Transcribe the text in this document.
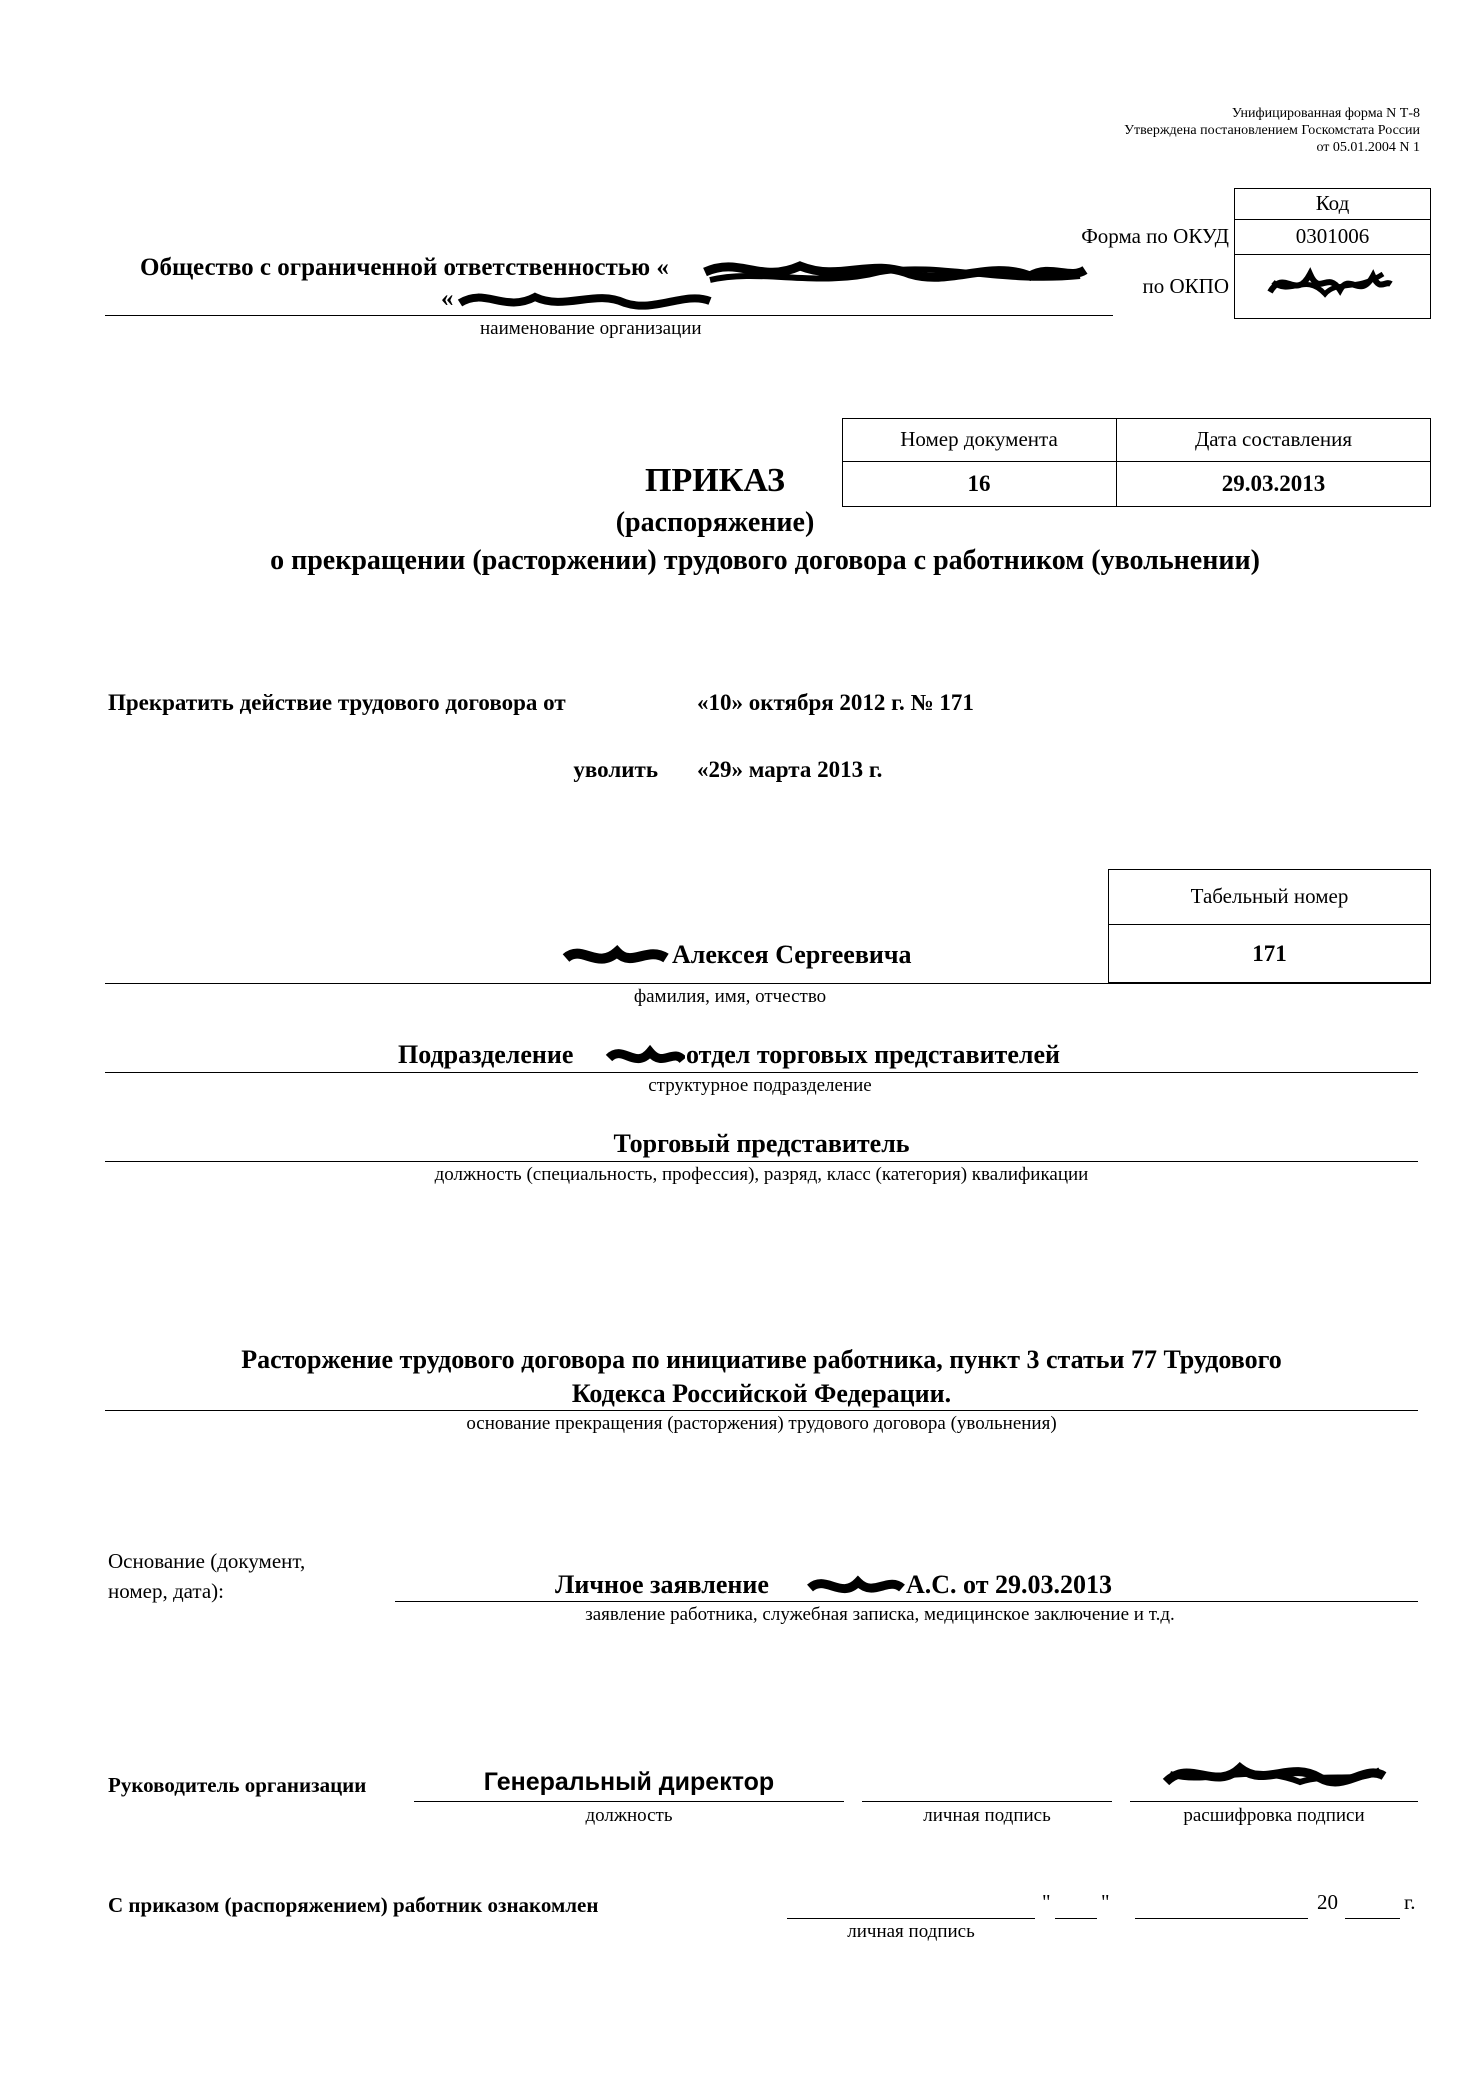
Унифицированная форма N Т-8
Утверждена постановлением Госкомстата России
от 05.01.2004 N 1
Код
0301006
Форма по ОКУД
по ОКПО
Общество с ограниченной ответственностью «
«
наименование организации
Номер документа	Дата составления
16	29.03.2013
ПРИКАЗ
(распоряжение)
о прекращении (расторжении) трудового договора с работником (увольнении)
Прекратить действие трудового договора от	«10» октября 2012 г. № 171
уволить «29» марта 2013 г.
Табельный номер
171
Алексея Сергеевича
фамилия, имя, отчество
Подразделение	отдел торговых представителей
структурное подразделение
Торговый представитель
должность (специальность, профессия), разряд, класс (категория) квалификации
Расторжение трудового договора по инициативе работника, пункт 3 статьи 77 Трудового
Кодекса Российской Федерации.
основание прекращения (расторжения) трудового договора (увольнения)
Основание (документ,
номер, дата):	Личное заявление	А.С. от 29.03.2013
заявление работника, служебная записка, медицинское заключение и т.д.
Руководитель организации	Генеральный директор
должность	личная подпись	расшифровка подписи
С приказом (распоряжением) работник ознакомлен	" "	20	г.
личная подпись
